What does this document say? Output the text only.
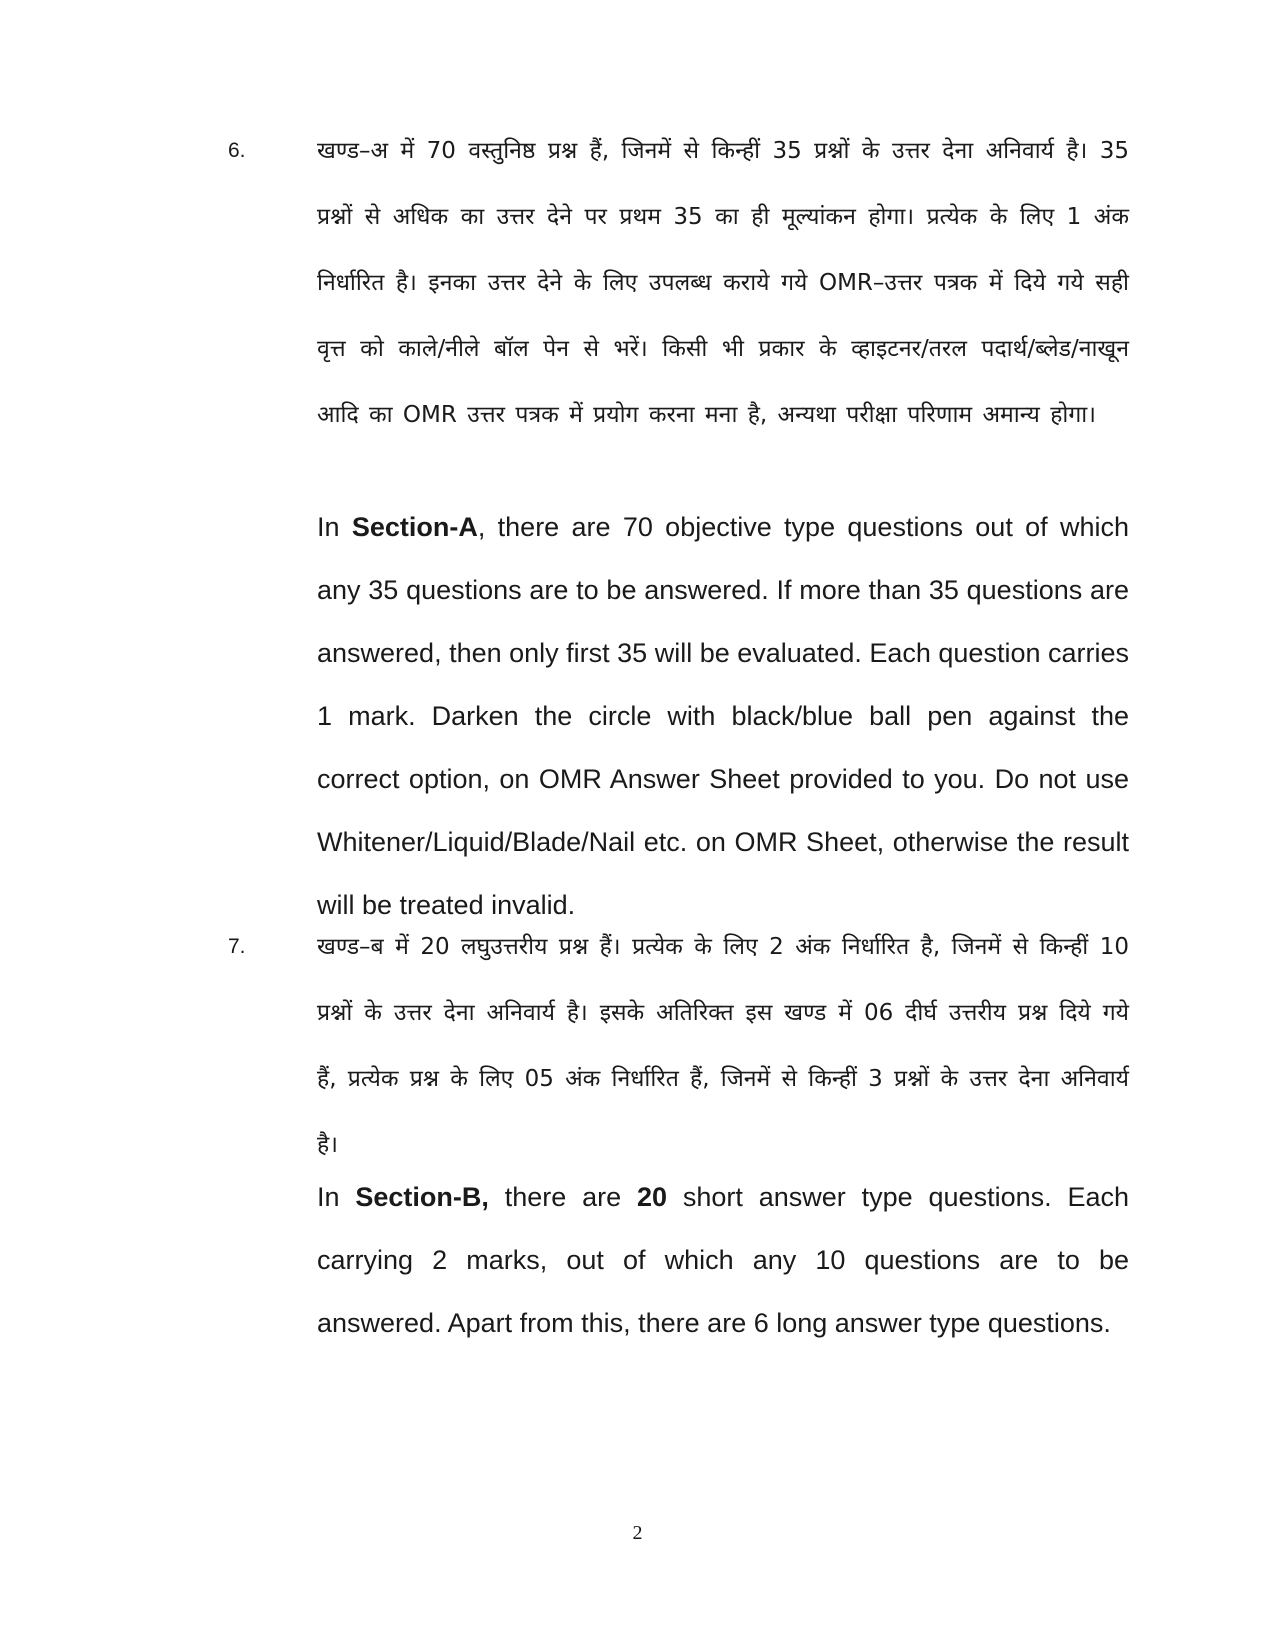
6.	खण्ड–अ में 70 वस्तुनिष्ठ प्रश्न हैं, जिनमें से किन्हीं 35 प्रश्नों के उत्तर देना अनिवार्य है। 35 प्रश्नों से अधिक का उत्तर देने पर प्रथम 35 का ही मूल्यांकन होगा। प्रत्येक के लिए 1 अंक निर्धारित है। इनका उत्तर देने के लिए उपलब्ध कराये गये OMR–उत्तर पत्रक में दिये गये सही वृत्त को काले/नीले बॉल पेन से भरें। किसी भी प्रकार के व्हाइटनर/तरल पदार्थ/ब्लेड/नाखून आदि का OMR उत्तर पत्रक में प्रयोग करना मना है, अन्यथा परीक्षा परिणाम अमान्य होगा।

In Section-A, there are 70 objective type questions out of which any 35 questions are to be answered. If more than 35 questions are answered, then only first 35 will be evaluated. Each question carries 1 mark. Darken the circle with black/blue ball pen against the correct option, on OMR Answer Sheet provided to you. Do not use Whitener/Liquid/Blade/Nail etc. on OMR Sheet, otherwise the result will be treated invalid.

7.	खण्ड–ब में 20 लघुउत्तरीय प्रश्न हैं। प्रत्येक के लिए 2 अंक निर्धारित है, जिनमें से किन्हीं 10 प्रश्नों के उत्तर देना अनिवार्य है। इसके अतिरिक्त इस खण्ड में 06 दीर्घ उत्तरीय प्रश्न दिये गये हैं, प्रत्येक प्रश्न के लिए 05 अंक निर्धारित हैं, जिनमें से किन्हीं 3 प्रश्नों के उत्तर देना अनिवार्य है।

In Section-B, there are 20 short answer type questions. Each carrying 2 marks, out of which any 10 questions are to be answered. Apart from this, there are 6 long answer type questions.

2
